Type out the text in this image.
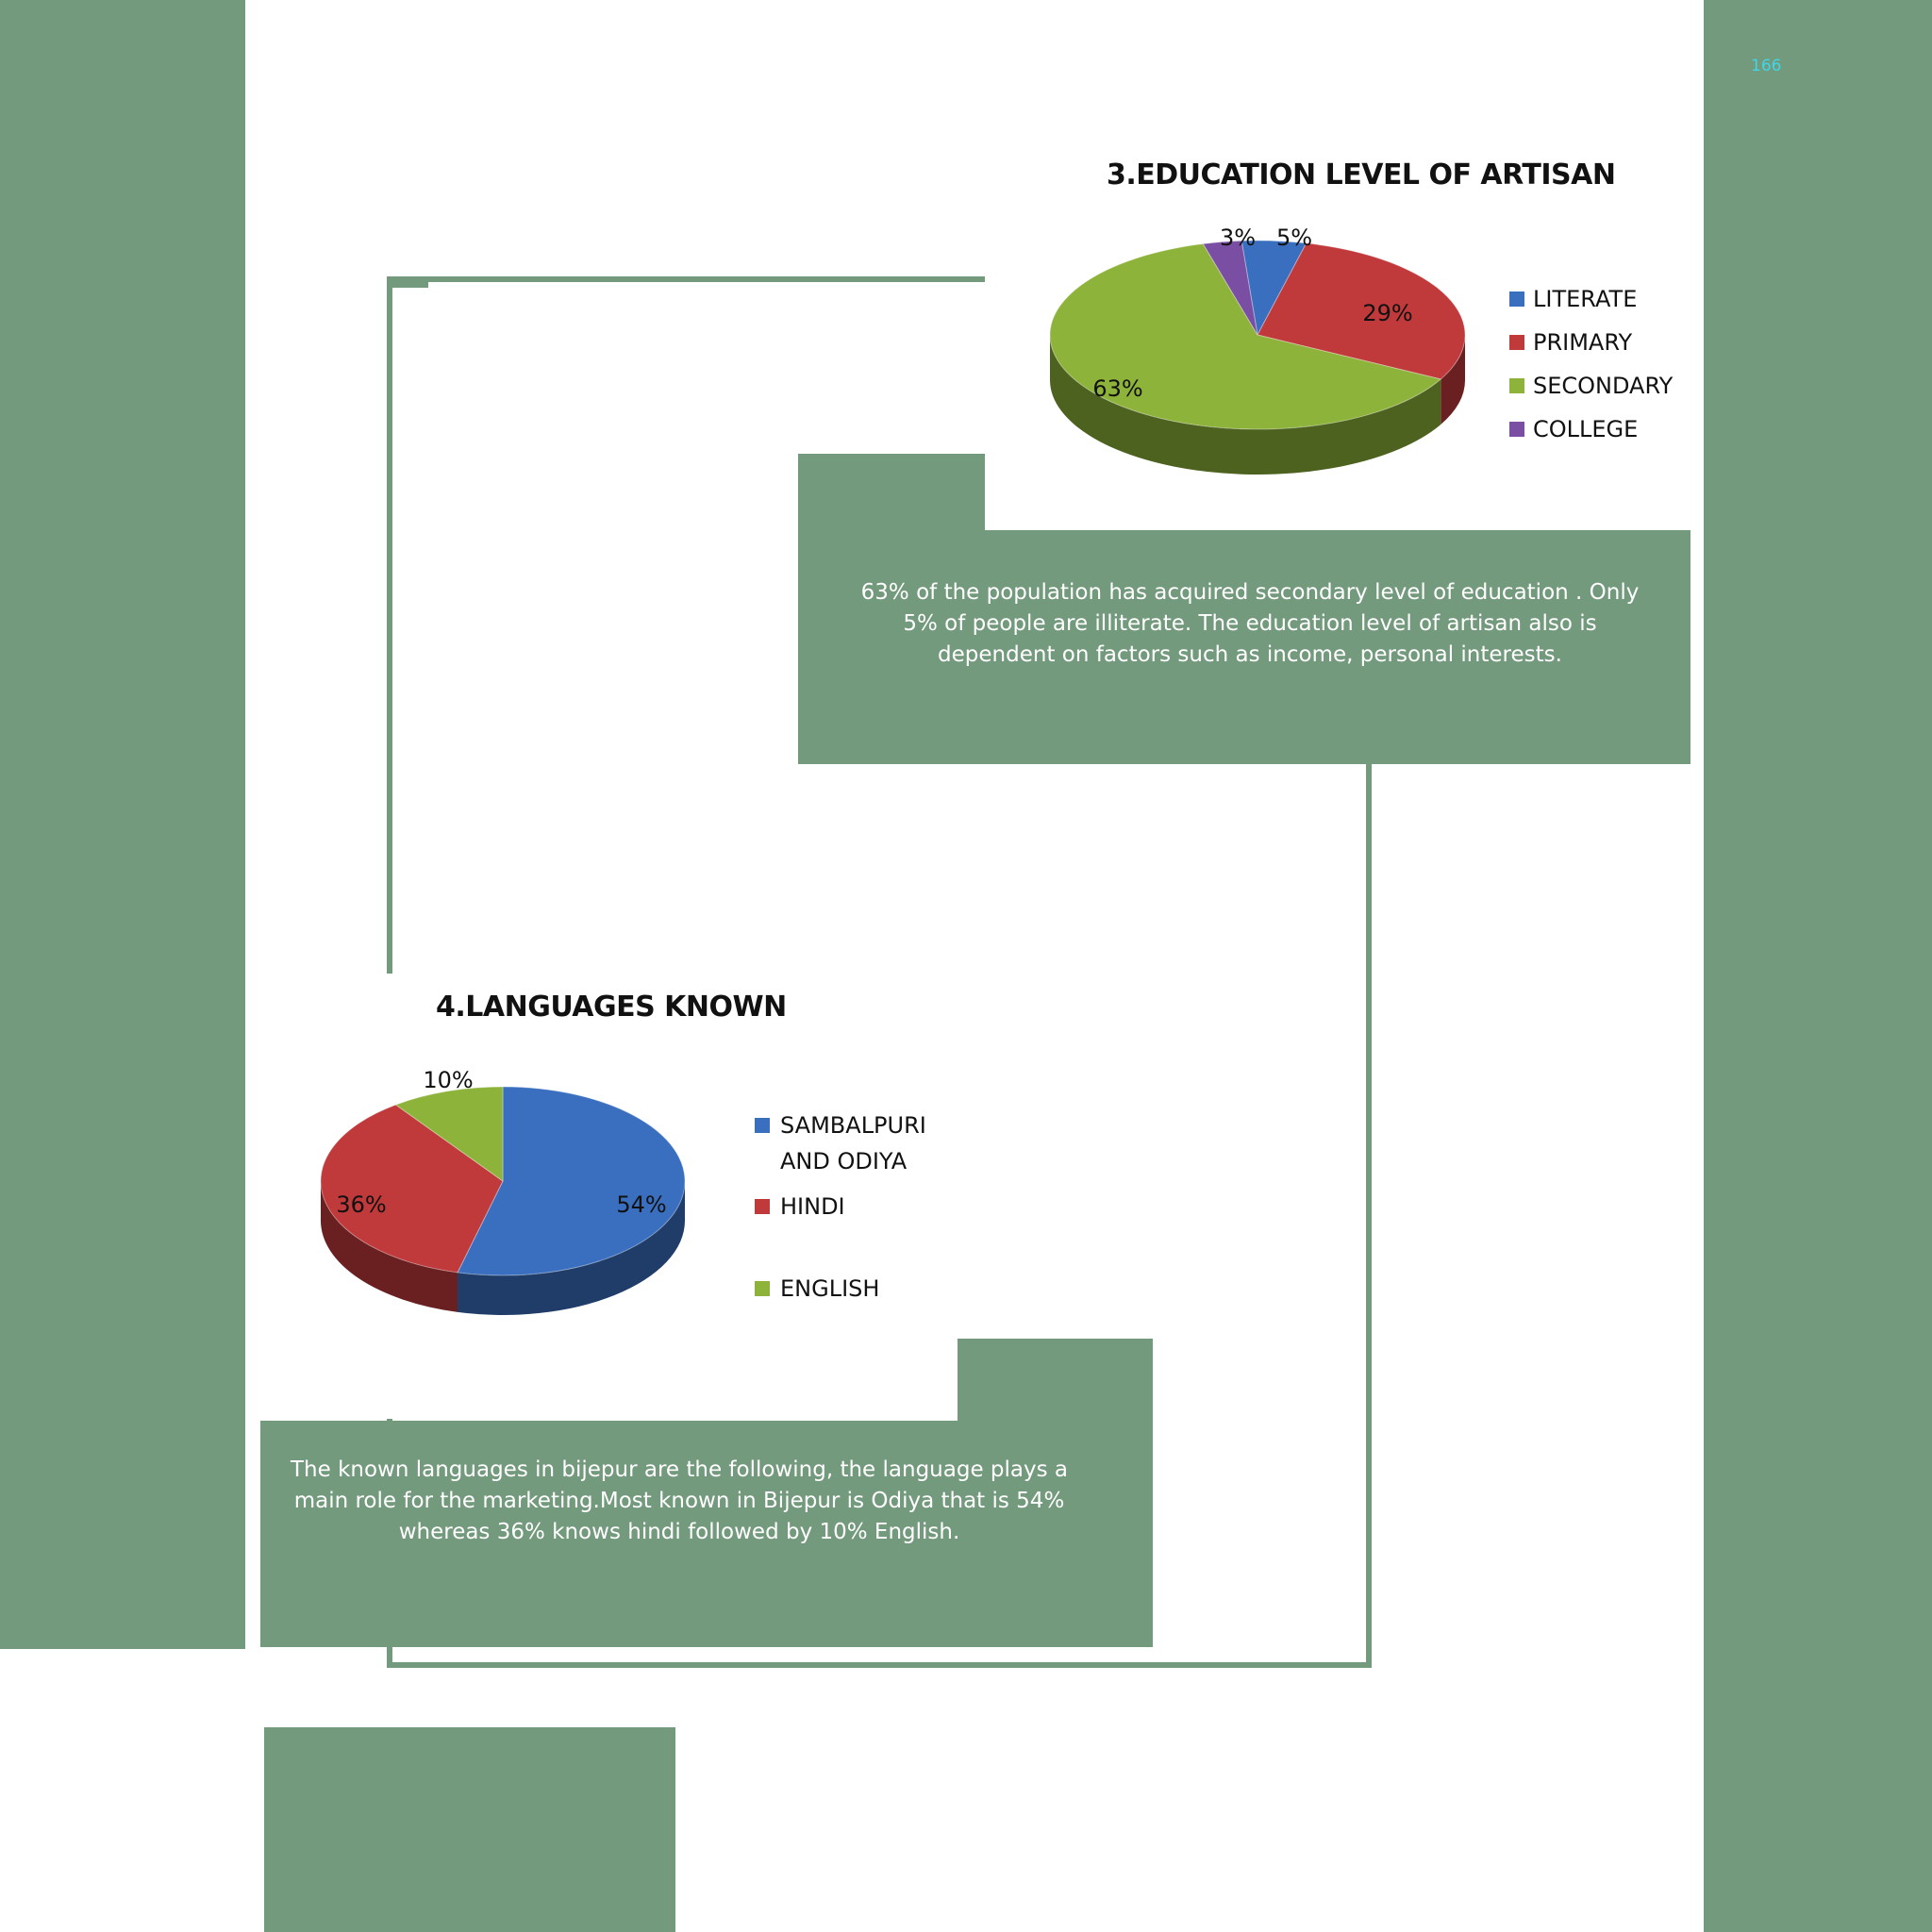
166
3.EDUCATION LEVEL OF ARTISAN
5%
29%
63%
3%
LITERATE
PRIMARY
SECONDARY
COLLEGE
63% of the population has acquired secondary level of education . Only 5% of people are illiterate. The education level of artisan also is dependent on factors such as income, personal interests.
4.LANGUAGES KNOWN
54%
36%
10%
SAMBALPURI AND ODIYA
HINDI
ENGLISH
The known languages in bijepur are the following, the language plays a main role for the marketing.Most known in Bijepur is Odiya that is 54% whereas 36% knows hindi followed by 10% English.
